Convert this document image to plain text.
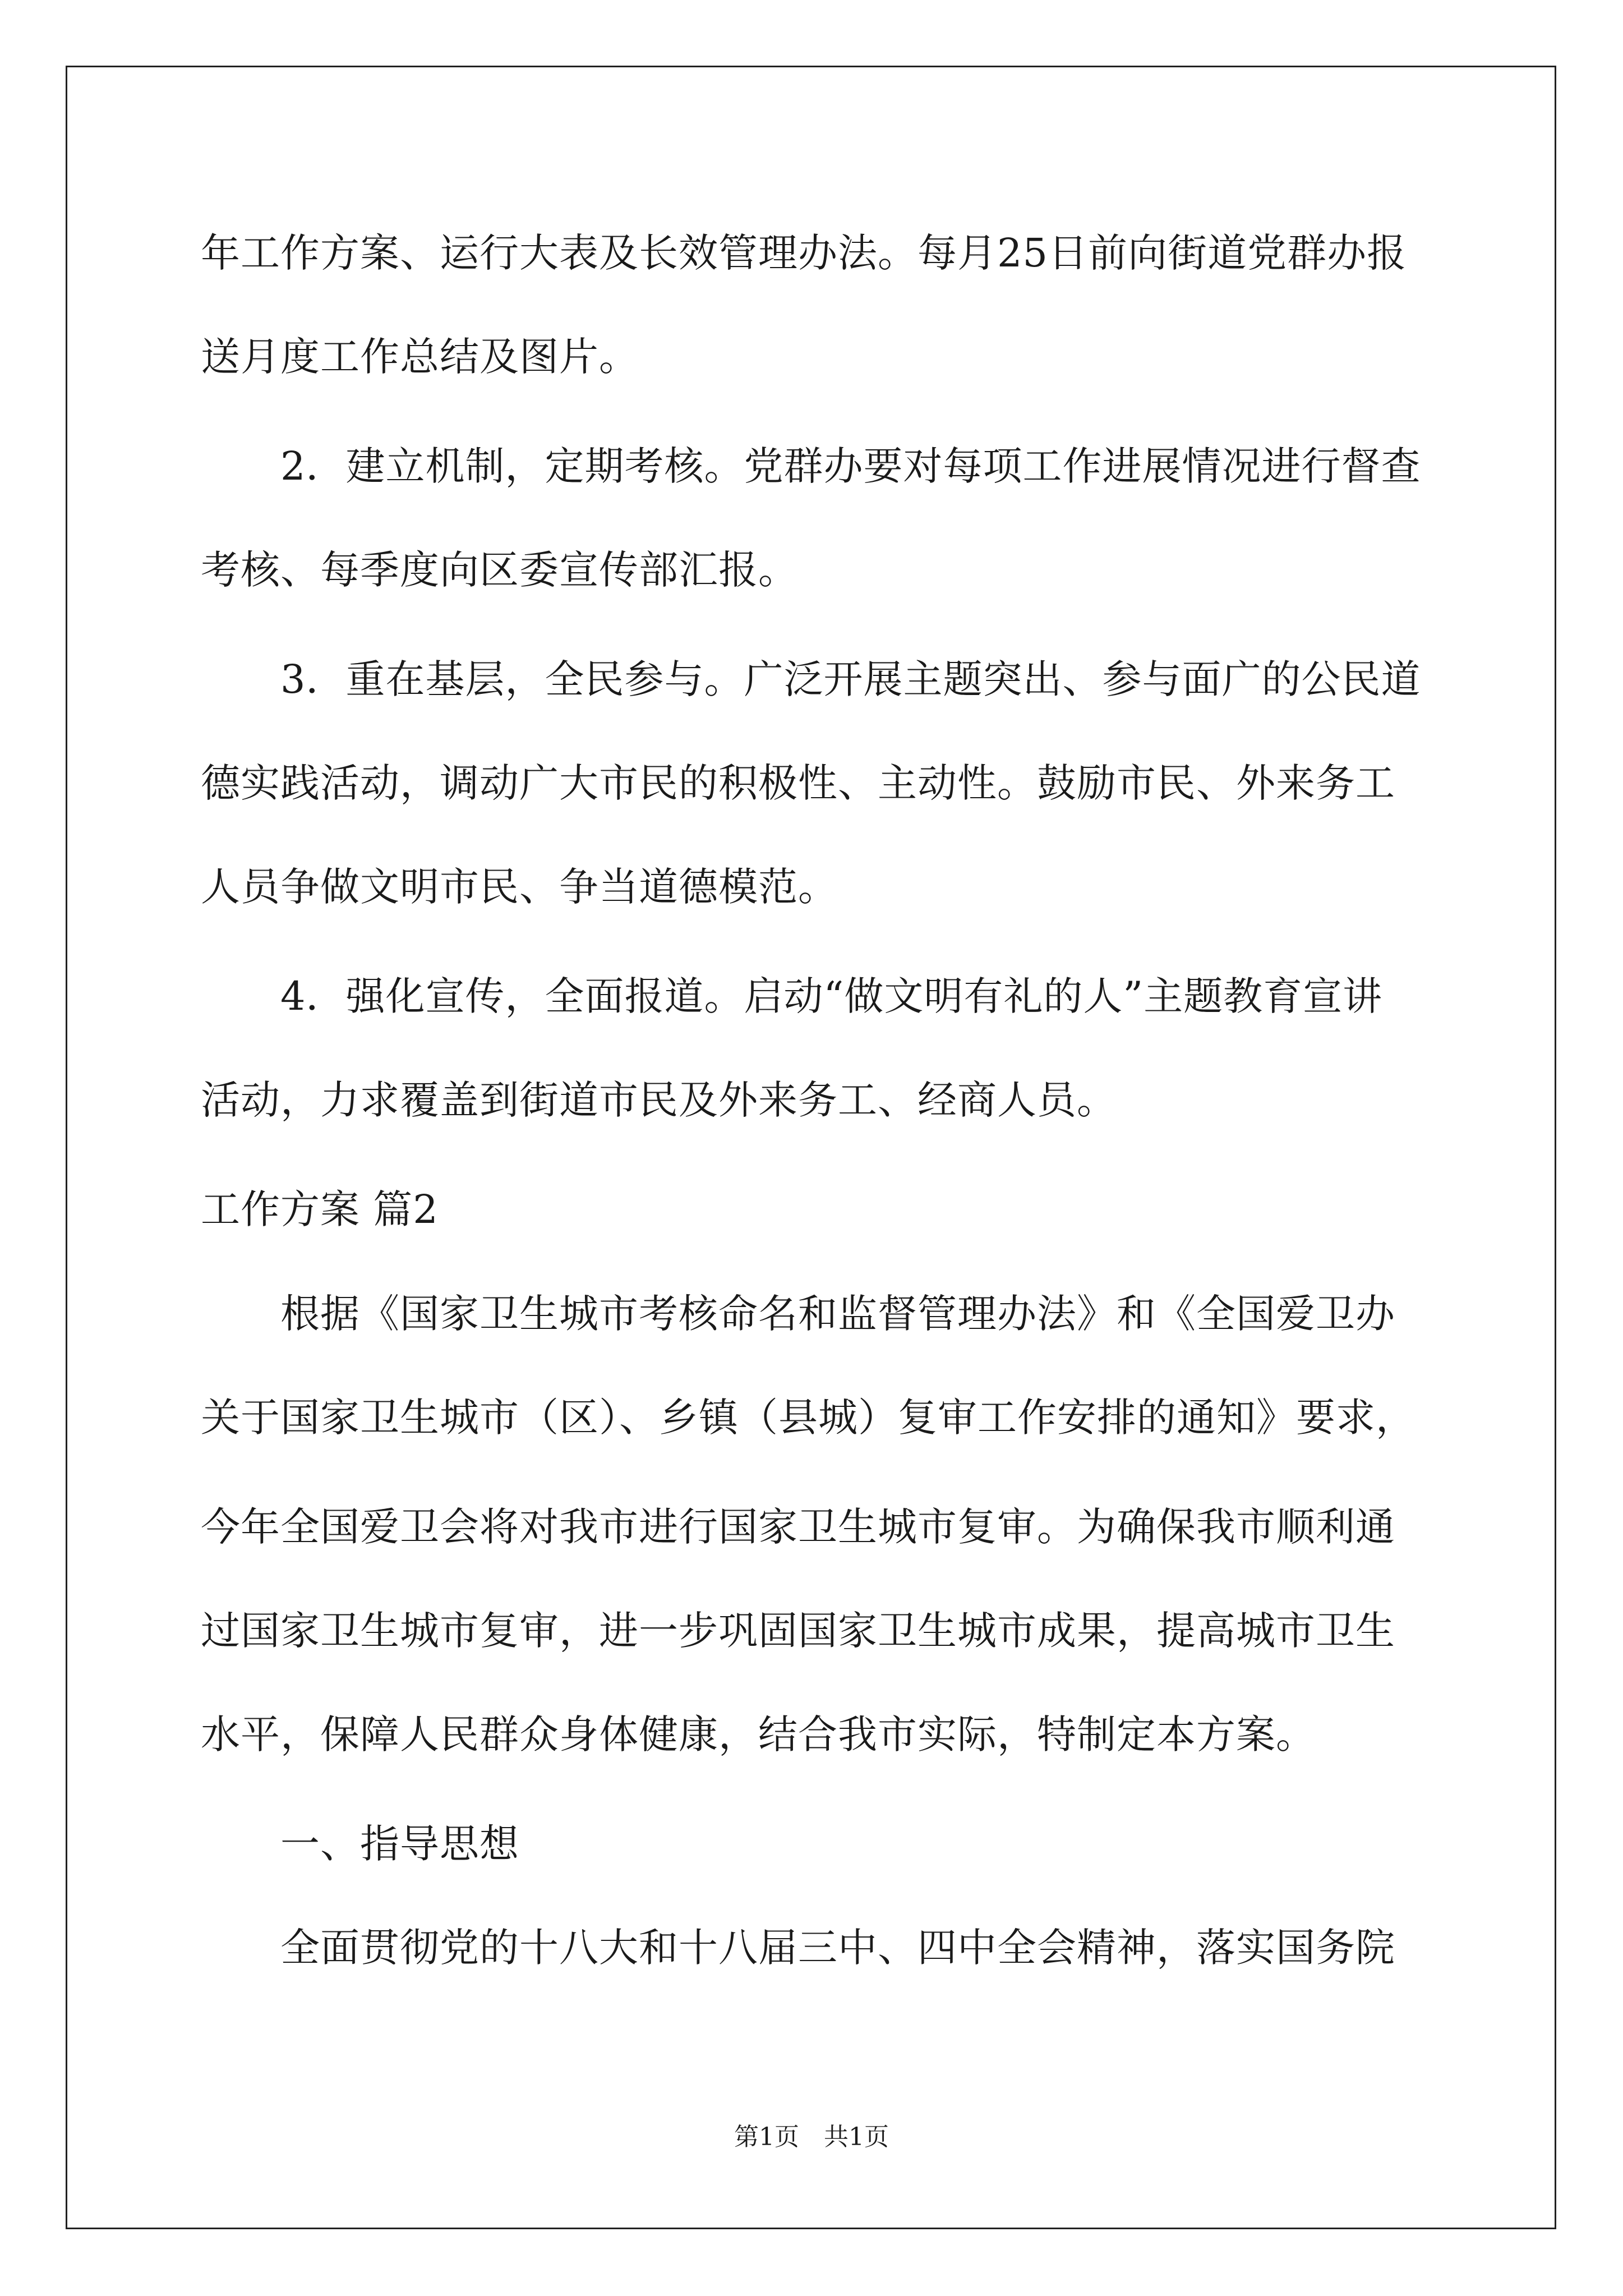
年工作方案、运行大表及长效管理办法。每月25日前向街道党群办报
送月度工作总结及图片。
　　2．建立机制，定期考核。党群办要对每项工作进展情况进行督查
考核、每季度向区委宣传部汇报。
　　3．重在基层，全民参与。广泛开展主题突出、参与面广的公民道
德实践活动，调动广大市民的积极性、主动性。鼓励市民、外来务工
人员争做文明市民、争当道德模范。
　　4．强化宣传，全面报道。启动“做文明有礼的人”主题教育宣讲
活动，力求覆盖到街道市民及外来务工、经商人员。
工作方案 篇2
　　根据《国家卫生城市考核命名和监督管理办法》和《全国爱卫办
关于国家卫生城市（区）、乡镇（县城）复审工作安排的通知》要求，
今年全国爱卫会将对我市进行国家卫生城市复审。为确保我市顺利通
过国家卫生城市复审，进一步巩固国家卫生城市成果，提高城市卫生
水平，保障人民群众身体健康，结合我市实际，特制定本方案。
　　一、指导思想
　　全面贯彻党的十八大和十八届三中、四中全会精神，落实国务院
第1页　共1页
